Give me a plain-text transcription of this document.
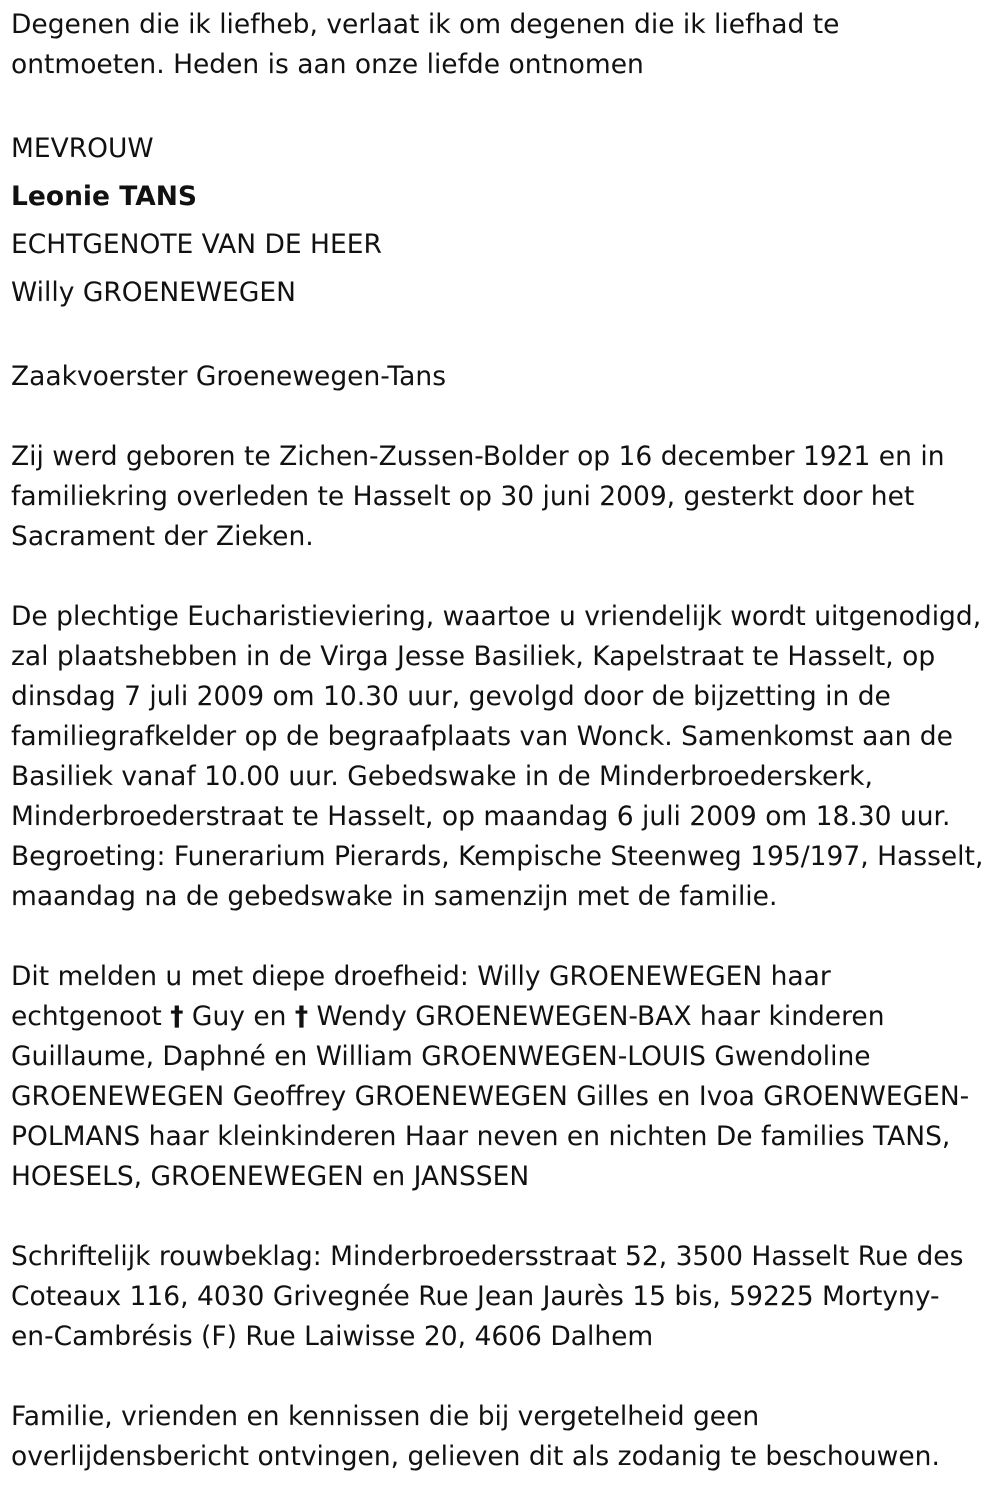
Degenen die ik liefheb, verlaat ik om degenen die ik liefhad te
ontmoeten. Heden is aan onze liefde ontnomen
MEVROUW
Leonie TANS
ECHTGENOTE VAN DE HEER
Willy GROENEWEGEN
Zaakvoerster Groenewegen-Tans
Zij werd geboren te Zichen-Zussen-Bolder op 16 december 1921 en in
familiekring overleden te Hasselt op 30 juni 2009, gesterkt door het
Sacrament der Zieken.
De plechtige Eucharistieviering, waartoe u vriendelijk wordt uitgenodigd,
zal plaatshebben in de Virga Jesse Basiliek, Kapelstraat te Hasselt, op
dinsdag 7 juli 2009 om 10.30 uur, gevolgd door de bijzetting in de
familiegrafkelder op de begraafplaats van Wonck. Samenkomst aan de
Basiliek vanaf 10.00 uur. Gebedswake in de Minderbroederskerk,
Minderbroederstraat te Hasselt, op maandag 6 juli 2009 om 18.30 uur.
Begroeting: Funerarium Pierards, Kempische Steenweg 195/197, Hasselt,
maandag na de gebedswake in samenzijn met de familie.
Dit melden u met diepe droefheid: Willy GROENEWEGEN haar
echtgenoot † Guy en † Wendy GROENEWEGEN-BAX haar kinderen
Guillaume, Daphné en William GROENWEGEN-LOUIS Gwendoline
GROENEWEGEN Geoffrey GROENEWEGEN Gilles en Ivoa GROENWEGEN-
POLMANS haar kleinkinderen Haar neven en nichten De families TANS,
HOESELS, GROENEWEGEN en JANSSEN
Schriftelijk rouwbeklag: Minderbroedersstraat 52, 3500 Hasselt Rue des
Coteaux 116, 4030 Grivegnée Rue Jean Jaurès 15 bis, 59225 Mortyny-
en-Cambrésis (F) Rue Laiwisse 20, 4606 Dalhem
Familie, vrienden en kennissen die bij vergetelheid geen
overlijdensbericht ontvingen, gelieven dit als zodanig te beschouwen.
